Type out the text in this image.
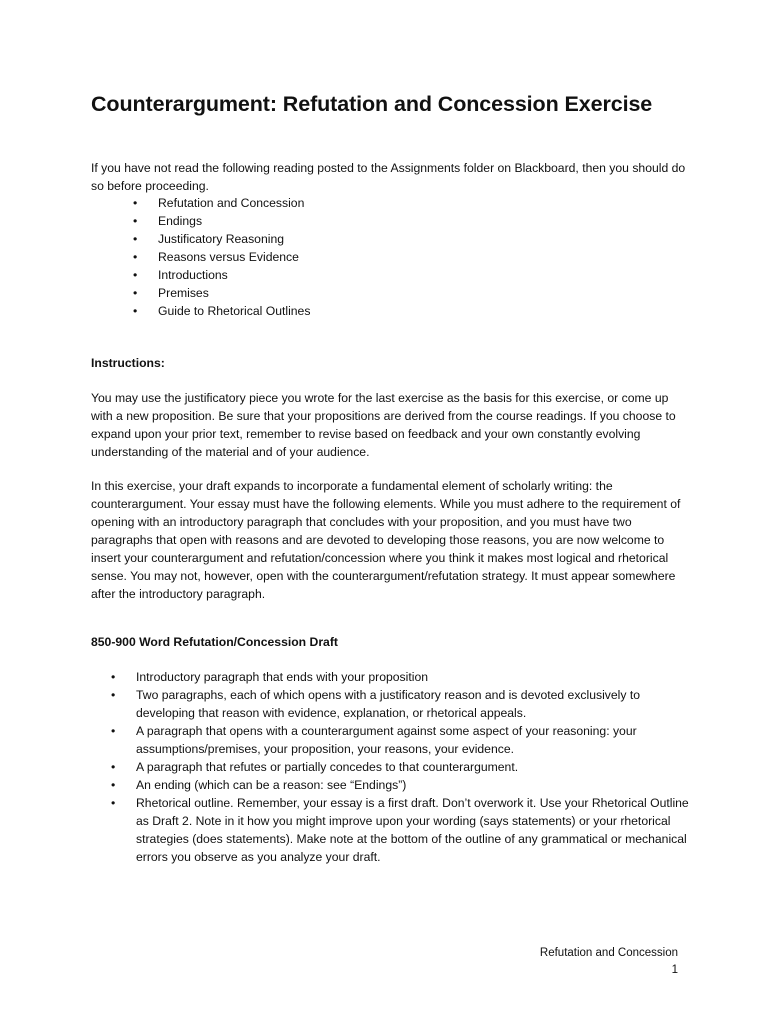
Counterargument: Refutation and Concession Exercise

If you have not read the following reading posted to the Assignments folder on Blackboard, then you should do so before proceeding.

• Refutation and Concession
• Endings
• Justificatory Reasoning
• Reasons versus Evidence
• Introductions
• Premises
• Guide to Rhetorical Outlines

Instructions:

You may use the justificatory piece you wrote for the last exercise as the basis for this exercise, or come up with a new proposition. Be sure that your propositions are derived from the course readings. If you choose to expand upon your prior text, remember to revise based on feedback and your own constantly evolving understanding of the material and of your audience.

In this exercise, your draft expands to incorporate a fundamental element of scholarly writing: the counterargument. Your essay must have the following elements. While you must adhere to the requirement of opening with an introductory paragraph that concludes with your proposition, and you must have two paragraphs that open with reasons and are devoted to developing those reasons, you are now welcome to insert your counterargument and refutation/concession where you think it makes most logical and rhetorical sense. You may not, however, open with the counterargument/refutation strategy. It must appear somewhere after the introductory paragraph.

850-900 Word Refutation/Concession Draft

• Introductory paragraph that ends with your proposition
• Two paragraphs, each of which opens with a justificatory reason and is devoted exclusively to developing that reason with evidence, explanation, or rhetorical appeals.
• A paragraph that opens with a counterargument against some aspect of your reasoning: your assumptions/premises, your proposition, your reasons, your evidence.
• A paragraph that refutes or partially concedes to that counterargument.
• An ending (which can be a reason: see “Endings”)
• Rhetorical outline. Remember, your essay is a first draft. Don’t overwork it. Use your Rhetorical Outline as Draft 2. Note in it how you might improve upon your wording (says statements) or your rhetorical strategies (does statements). Make note at the bottom of the outline of any grammatical or mechanical errors you observe as you analyze your draft.
Refutation and Concession
1
